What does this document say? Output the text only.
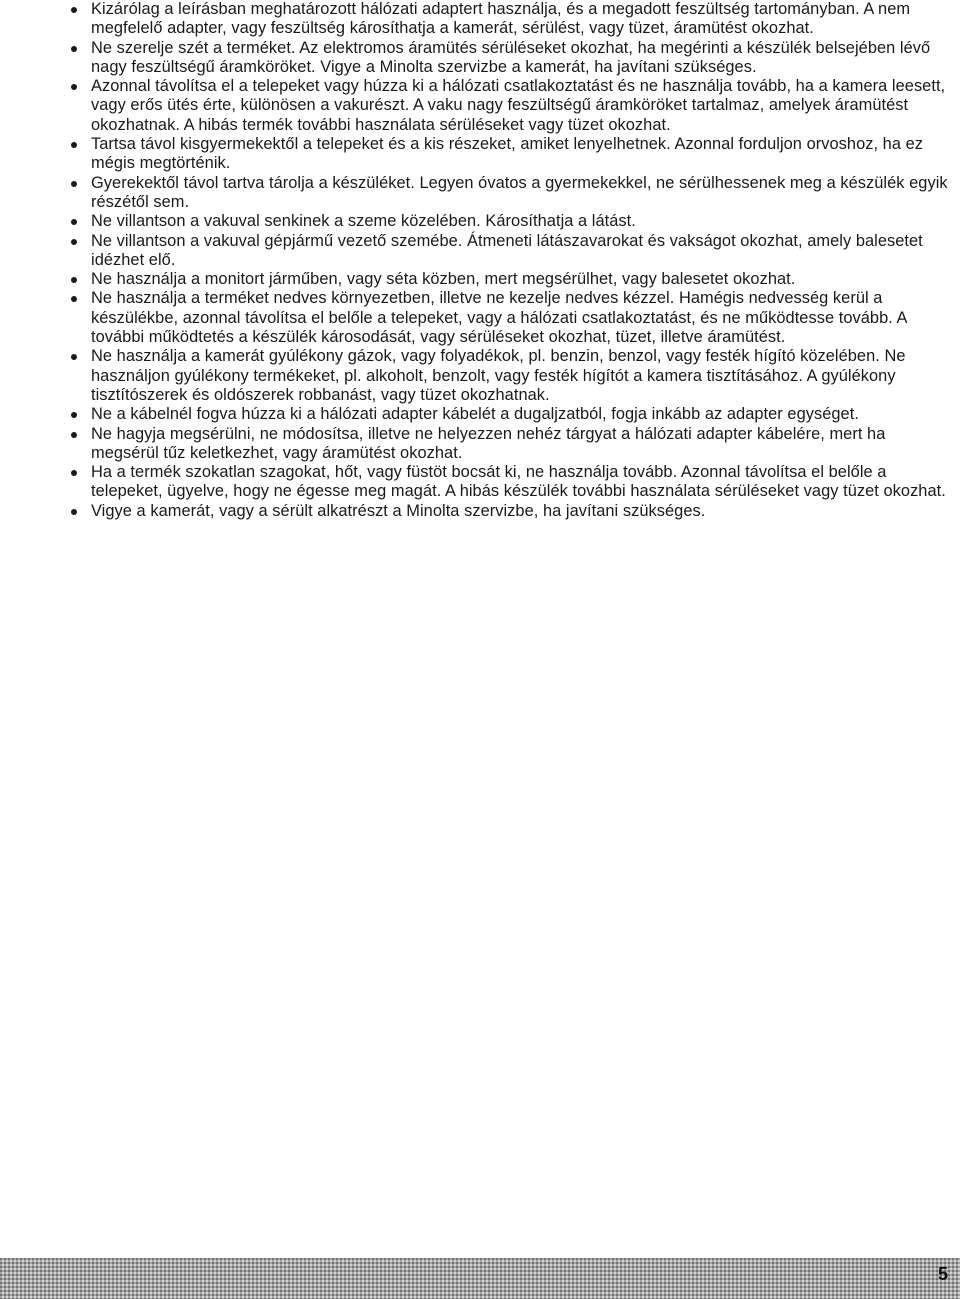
Kizárólag a leírásban meghatározott hálózati adaptert használja, és a megadott feszültség tartományban. A nem megfelelő adapter, vagy feszültség károsíthatja a kamerát, sérülést, vagy tüzet, áramütést okozhat.
Ne szerelje szét a terméket. Az elektromos áramütés sérüléseket okozhat, ha megérinti a készülék belsejében lévő nagy feszültségű áramköröket. Vigye a Minolta szervizbe a kamerát, ha javítani szükséges.
Azonnal távolítsa el a telepeket vagy húzza ki a hálózati csatlakoztatást és ne használja tovább, ha a kamera leesett, vagy erős ütés érte, különösen a vakurészt. A vaku nagy feszültségű áramköröket tartalmaz, amelyek áramütést okozhatnak. A hibás termék további használata sérüléseket vagy tüzet okozhat.
Tartsa távol kisgyermekektől a telepeket és a kis részeket, amiket lenyelhetnek. Azonnal forduljon orvoshoz, ha ez mégis megtörténik.
Gyerekektől távol tartva tárolja a készüléket. Legyen óvatos a gyermekekkel, ne sérülhessenek meg a készülék egyik részétől sem.
Ne villantson a vakuval senkinek a szeme közelében. Károsíthatja a látást.
Ne villantson a vakuval gépjármű vezető szemébe. Átmeneti látászavarokat és vakságot okozhat, amely balesetet idézhet elő.
Ne használja a monitort járműben, vagy séta közben, mert megsérülhet, vagy balesetet okozhat.
Ne használja a terméket nedves környezetben, illetve ne kezelje nedves kézzel. Hamégis nedvesség kerül a készülékbe, azonnal távolítsa el belőle a telepeket, vagy a hálózati csatlakoztatást, és ne működtesse tovább. A további működtetés a készülék károsodását, vagy sérüléseket okozhat, tüzet, illetve áramütést.
Ne használja a kamerát gyúlékony gázok, vagy folyadékok, pl. benzin, benzol, vagy festék hígító közelében. Ne használjon gyúlékony termékeket, pl. alkoholt, benzolt, vagy festék hígítót a kamera tisztításához. A gyúlékony tisztítószerek és oldószerek robbanást, vagy tüzet okozhatnak.
Ne a kábelnél fogva húzza ki a hálózati adapter kábelét a dugaljzatból, fogja inkább az adapter egységet.
Ne hagyja megsérülni, ne módosítsa, illetve ne helyezzen nehéz tárgyat a hálózati adapter kábelére, mert ha megsérül tűz keletkezhet, vagy áramütést okozhat.
Ha a termék szokatlan szagokat, hőt, vagy füstöt bocsát ki, ne használja tovább. Azonnal távolítsa el belőle a telepeket, ügyelve, hogy ne égesse meg magát. A hibás készülék további használata sérüléseket vagy tüzet okozhat.
Vigye a kamerát, vagy a sérült alkatrészt a Minolta szervizbe, ha javítani szükséges.
5
